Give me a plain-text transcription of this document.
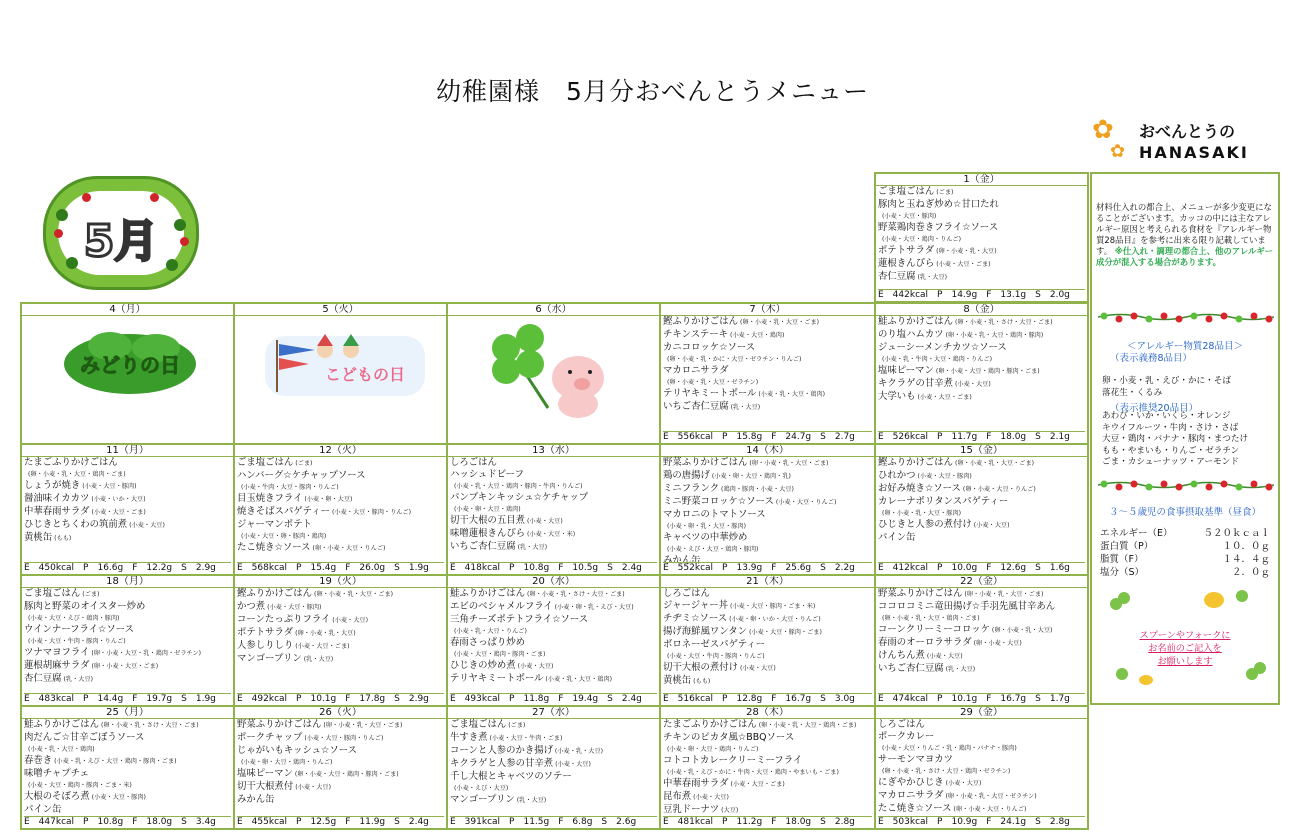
幼稚園様　5月分おべんとうメニュー
✿
✿
おべんとうの
HANASAKI
5月
1（金）
ごま塩ごはん (ごま)
豚肉と玉ねぎ炒め☆甘口たれ
(小麦・大豆・豚肉)
野菜鶏肉巻きフライ☆ソース
(小麦・大豆・鶏肉・りんご)
ポテトサラダ (卵・小麦・乳・大豆)
蓮根きんぴら (小麦・大豆・ごま)
杏仁豆腐 (乳・大豆)
E　442kcal　P　14.9g　F　13.1g　S　2.0g
4（月）
みどりの日
5（火）
こどもの日
6（水）	7（木）
鰹ふりかけごはん (卵・小麦・乳・大豆・ごま)
チキンステーキ (小麦・大豆・鶏肉)
カニコロッケ☆ソース
(卵・小麦・乳・かに・大豆・ゼラチン・りんご)
マカロニサラダ
(卵・小麦・乳・大豆・ゼラチン)
テリヤキミートボール (小麦・乳・大豆・鶏肉)
いちご杏仁豆腐 (乳・大豆)
E　556kcal　P　15.8g　F　24.7g　S　2.7g
8（金）
鮭ふりかけごはん (卵・小麦・乳・さけ・大豆・ごま)
のり塩ハムカツ (卵・小麦・乳・大豆・鶏肉・豚肉)
ジューシーメンチカツ☆ソース
(小麦・乳・牛肉・大豆・鶏肉・りんご)
塩味ピーマン (卵・小麦・大豆・鶏肉・豚肉・ごま)
キクラゲの甘辛煮 (小麦・大豆)
大学いも (小麦・大豆・ごま)
E　526kcal　P　11.7g　F　18.0g　S　2.1g
11（月）
たまごふりかけごはん
(卵・小麦・乳・大豆・鶏肉・ごま)
しょうが焼き (小麦・大豆・豚肉)
醤油味イカカツ (小麦・いか・大豆)
中華春雨サラダ (小麦・大豆・ごま)
ひじきとちくわの筑前煮 (小麦・大豆)
黄桃缶 (もも)
E　450kcal　P　16.6g　F　12.2g　S　2.9g
12（火）
ごま塩ごはん (ごま)
ハンバーグ☆ケチャップソース
(小麦・牛肉・大豆・豚肉・りんご)
目玉焼きフライ (小麦・卵・大豆)
焼きそばスパゲティー (小麦・大豆・豚肉・りんご)
ジャーマンポテト
(小麦・大豆・卵・豚肉・鶏肉)
たこ焼き☆ソース (卵・小麦・大豆・りんご)
E　568kcal　P　15.4g　F　26.0g　S　1.9g
13（水）
しろごはん
ハッシュドビーフ
(小麦・乳・大豆・鶏肉・豚肉・牛肉・りんご)
パンプキンキッシュ☆ケチャップ
(小麦・卵・大豆・鶏肉)
切干大根の五目煮 (小麦・大豆)
味噌蓮根きんぴら (小麦・大豆・米)
いちご杏仁豆腐 (乳・大豆)
E　418kcal　P　10.8g　F　10.5g　S　2.4g
14（木）
野菜ふりかけごはん (卵・小麦・乳・大豆・ごま)
鶏の唐揚げ (小麦・卵・大豆・鶏肉・乳)
ミニフランク (鶏肉・豚肉・小麦・大豆)
ミニ野菜コロッケ☆ソース (小麦・大豆・りんご)
マカロニのトマトソース
(小麦・卵・乳・大豆・豚肉)
キャベツの中華炒め
(小麦・えび・大豆・鶏肉・豚肉)
みかん缶
E　552kcal　P　13.9g　F　25.6g　S　2.2g
15（金）
鰹ふりかけごはん (卵・小麦・乳・大豆・ごま)
ひれかつ (小麦・大豆・豚肉)
お好み焼き☆ソース (卵・小麦・大豆・りんご)
カレーナポリタンスパゲティー
(卵・小麦・乳・大豆・豚肉)
ひじきと人参の煮付け (小麦・大豆)
パイン缶
E　412kcal　P　10.0g　F　12.6g　S　1.6g
18（月）
ごま塩ごはん (ごま)
豚肉と野菜のオイスター炒め
(小麦・大豆・えび・鶏肉・豚肉)
ウインナーフライ☆ソース
(小麦・大豆・牛肉・豚肉・りんご)
ツナマヨフライ (卵・小麦・大豆・乳・鶏肉・ゼラチン)
蓮根胡麻サラダ (卵・小麦・大豆・ごま)
杏仁豆腐 (乳・大豆)
E　483kcal　P　14.4g　F　19.7g　S　1.9g
19（火）
鰹ふりかけごはん (卵・小麦・乳・大豆・ごま)
かつ煮 (小麦・大豆・豚肉)
コーンたっぷりフライ (小麦・大豆)
ポテトサラダ (卵・小麦・乳・大豆)
人参しりしり (小麦・大豆・ごま)
マンゴープリン (乳・大豆)
E　492kcal　P　10.1g　F　17.8g　S　2.9g
20（水）
鮭ふりかけごはん (卵・小麦・乳・さけ・大豆・ごま)
エビのベシャメルフライ (小麦・卵・乳・えび・大豆)
三角チーズポテトフライ☆ソース
(小麦・乳・大豆・りんご)
春雨さっぱり炒め
(小麦・大豆・鶏肉・豚肉・ごま)
ひじきの炒め煮 (小麦・大豆)
テリヤキミートボール (小麦・乳・大豆・鶏肉)
E　493kcal　P　11.8g　F　19.4g　S　2.4g
21（木）
しろごはん
ジャージャー丼 (小麦・大豆・豚肉・ごま・米)
チヂミ☆ソース (小麦・卵・いか・大豆・りんご)
揚げ海鮮風ワンタン (小麦・大豆・豚肉・ごま)
ボロネーゼスパゲティー
(小麦・大豆・牛肉・豚肉・りんご)
切干大根の煮付け (小麦・大豆)
黄桃缶 (もも)
E　516kcal　P　12.8g　F　16.7g　S　3.0g
22（金）
野菜ふりかけごはん (卵・小麦・乳・大豆・ごま)
ココロコミニ竜田揚げ☆手羽先風甘辛あん
(卵・小麦・乳・大豆・鶏肉・ごま)
コーンクリーミーコロッケ (卵・小麦・乳・大豆)
春雨のオーロラサラダ (卵・小麦・大豆)
けんちん煮 (小麦・大豆)
いちご杏仁豆腐 (乳・大豆)
E　474kcal　P　10.1g　F　16.7g　S　1.7g
25（月）
鮭ふりかけごはん (卵・小麦・乳・さけ・大豆・ごま)
肉だんご☆甘辛ごぼうソース
(小麦・乳・大豆・鶏肉)
春巻き (小麦・乳・えび・大豆・鶏肉・豚肉・ごま)
味噌チャプチェ
(小麦・大豆・鶏肉・豚肉・ごま・米)
大根のそぼろ煮 (小麦・大豆・豚肉)
パイン缶
E　447kcal　P　10.8g　F　18.0g　S　3.4g
26（火）
野菜ふりかけごはん (卵・小麦・乳・大豆・ごま)
ポークチャップ (小麦・大豆・豚肉・りんご)
じゃがいもキッシュ☆ソース
(小麦・卵・大豆・鶏肉・りんご)
塩味ピーマン (卵・小麦・大豆・鶏肉・豚肉・ごま)
切干大根煮付 (小麦・大豆)
みかん缶
E　455kcal　P　12.5g　F　11.9g　S　2.4g
27（水）
ごま塩ごはん (ごま)
牛すき煮 (小麦・大豆・牛肉・ごま)
コーンと人参のかき揚げ (小麦・乳・大豆)
キクラゲと人参の甘辛煮 (小麦・大豆)
千し大根とキャベツのソテー
(小麦・えび・大豆)
マンゴープリン (乳・大豆)
E　391kcal　P　11.5g　F　6.8g　S　2.6g
28（木）
たまごふりかけごはん (卵・小麦・乳・大豆・鶏肉・ごま)
チキンのピカタ風☆BBQソース
(小麦・卵・大豆・鶏肉・りんご)
コトコトカレークリーミーフライ
(小麦・乳・えび・かに・牛肉・大豆・鶏肉・やまいも・ごま)
中華春雨サラダ (小麦・大豆・ごま)
昆布煮 (小麦・大豆)
豆乳ドーナツ (大豆)
E　481kcal　P　11.2g　F　18.0g　S　2.8g
29（金）
しろごはん
ポークカレー
(小麦・大豆・りんご・乳・鶏肉・バナナ・豚肉)
サーモンマヨカツ
(卵・小麦・乳・さけ・大豆・鶏肉・ゼラチン)
にぎやかひじき (小麦・大豆)
マカロニサラダ (卵・小麦・乳・大豆・ゼラチン)
たこ焼き☆ソース (卵・小麦・大豆・りんご)
E　503kcal　P　10.9g　F　24.1g　S　2.8g
材料仕入れの都合上、メニューが多少変更になることがございます。カッコの中には主なアレルギー原因と考えられる食材を『アレルギー物質28品目』を参考に出来る限り記載しています。 ※仕入れ・調理の都合上、他のアレルギー成分が混入する場合があります。
＜アレルギー物質28品目＞
（表示義務8品目）
卵・小麦・乳・えび・かに・そば
落花生・くるみ
（表示推奨20品目）
あわび・いか・いくら・オレンジ
キウイフルーツ・牛肉・さけ・さば
大豆・鶏肉・バナナ・豚肉・まつたけ
もも・やまいも・りんご・ゼラチン
ごま・カシューナッツ・アーモンド
３～５歳児の食事摂取基準（昼食）
エネルギー（E）	５２０ｋｃａｌ
蛋白質（P）	１０．０ｇ
脂質（F）	１４．４ｇ
塩分（S）	２．０ｇ
スプーンやフォークに
お名前のご記入を
お願いします
